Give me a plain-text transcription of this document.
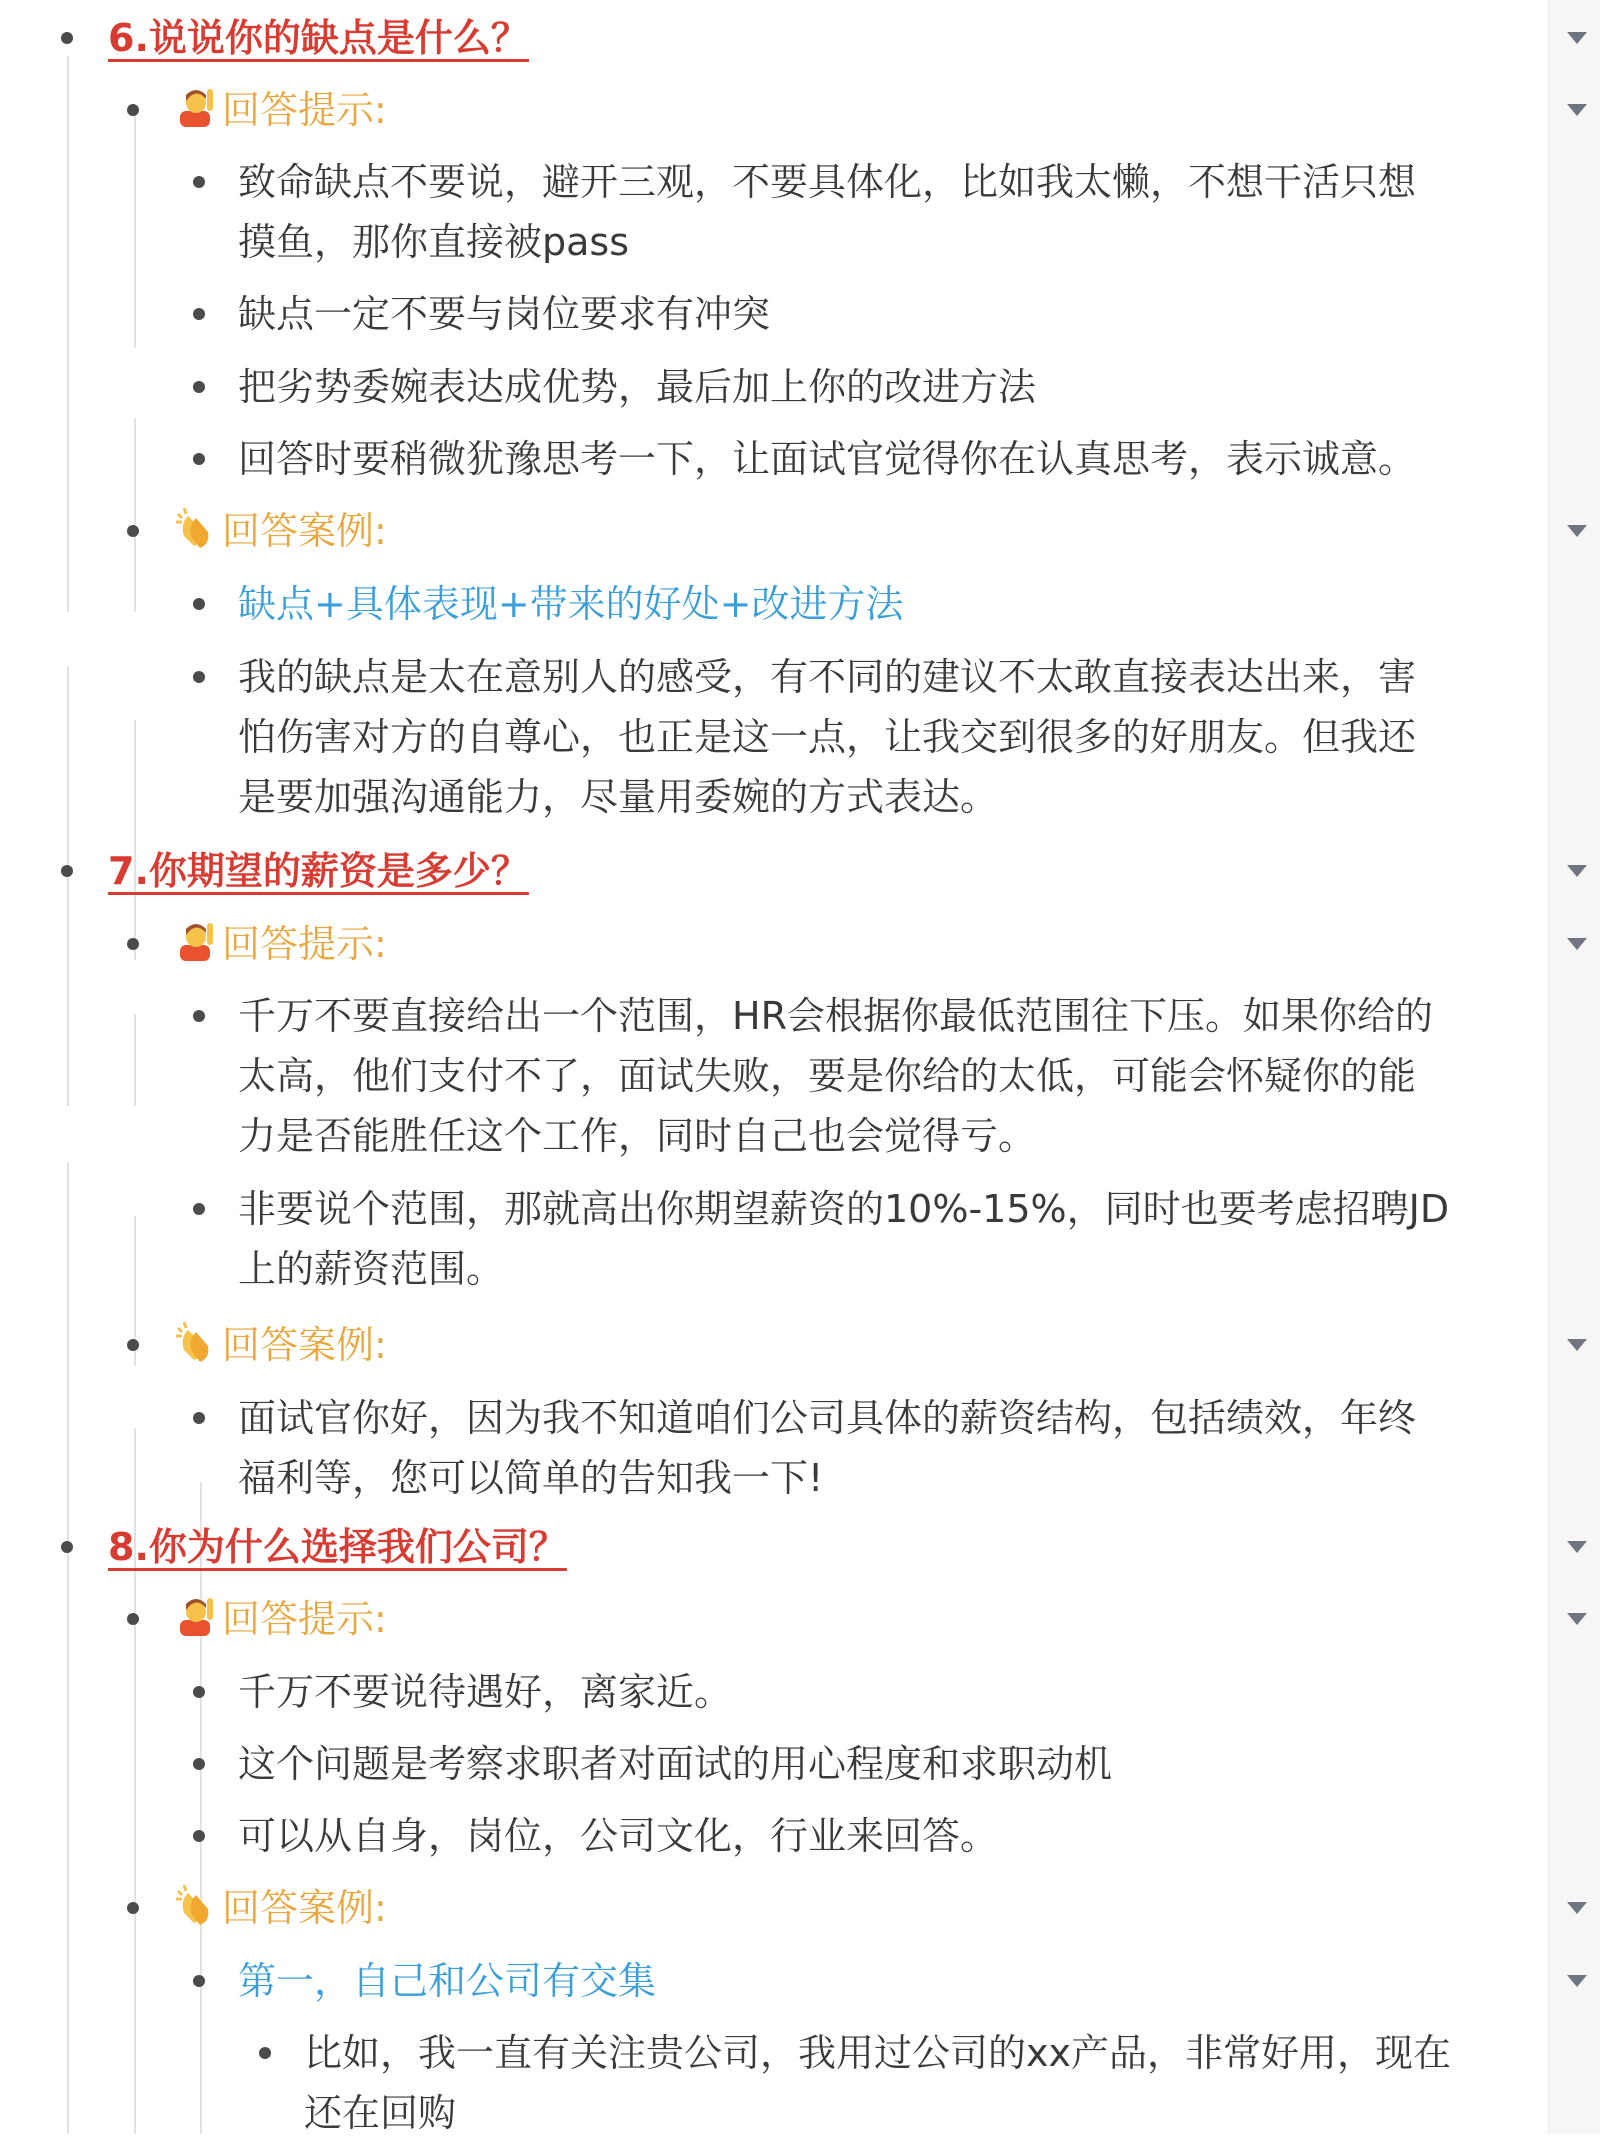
6.说说你的缺点是什么？
回答提示:
致命缺点不要说，避开三观，不要具体化，比如我太懒，不想干活只想
摸鱼，那你直接被pass
缺点一定不要与岗位要求有冲突
把劣势委婉表达成优势，最后加上你的改进方法
回答时要稍微犹豫思考一下，让面试官觉得你在认真思考，表示诚意。
回答案例:
缺点+具体表现+带来的好处+改进方法
我的缺点是太在意别人的感受，有不同的建议不太敢直接表达出来，害
怕伤害对方的自尊心，也正是这一点，让我交到很多的好朋友。但我还
是要加强沟通能力，尽量用委婉的方式表达。
7.你期望的薪资是多少？
回答提示:
千万不要直接给出一个范围，HR会根据你最低范围往下压。如果你给的
太高，他们支付不了，面试失败，要是你给的太低，可能会怀疑你的能
力是否能胜任这个工作，同时自己也会觉得亏。
非要说个范围，那就高出你期望薪资的10%-15%，同时也要考虑招聘JD
上的薪资范围。
回答案例:
面试官你好，因为我不知道咱们公司具体的薪资结构，包括绩效，年终
福利等，您可以简单的告知我一下!
8.你为什么选择我们公司？
回答提示:
千万不要说待遇好，离家近。
这个问题是考察求职者对面试的用心程度和求职动机
可以从自身，岗位，公司文化，行业来回答。
回答案例:
第一，自己和公司有交集
比如，我一直有关注贵公司，我用过公司的xx产品，非常好用，现在
还在回购
